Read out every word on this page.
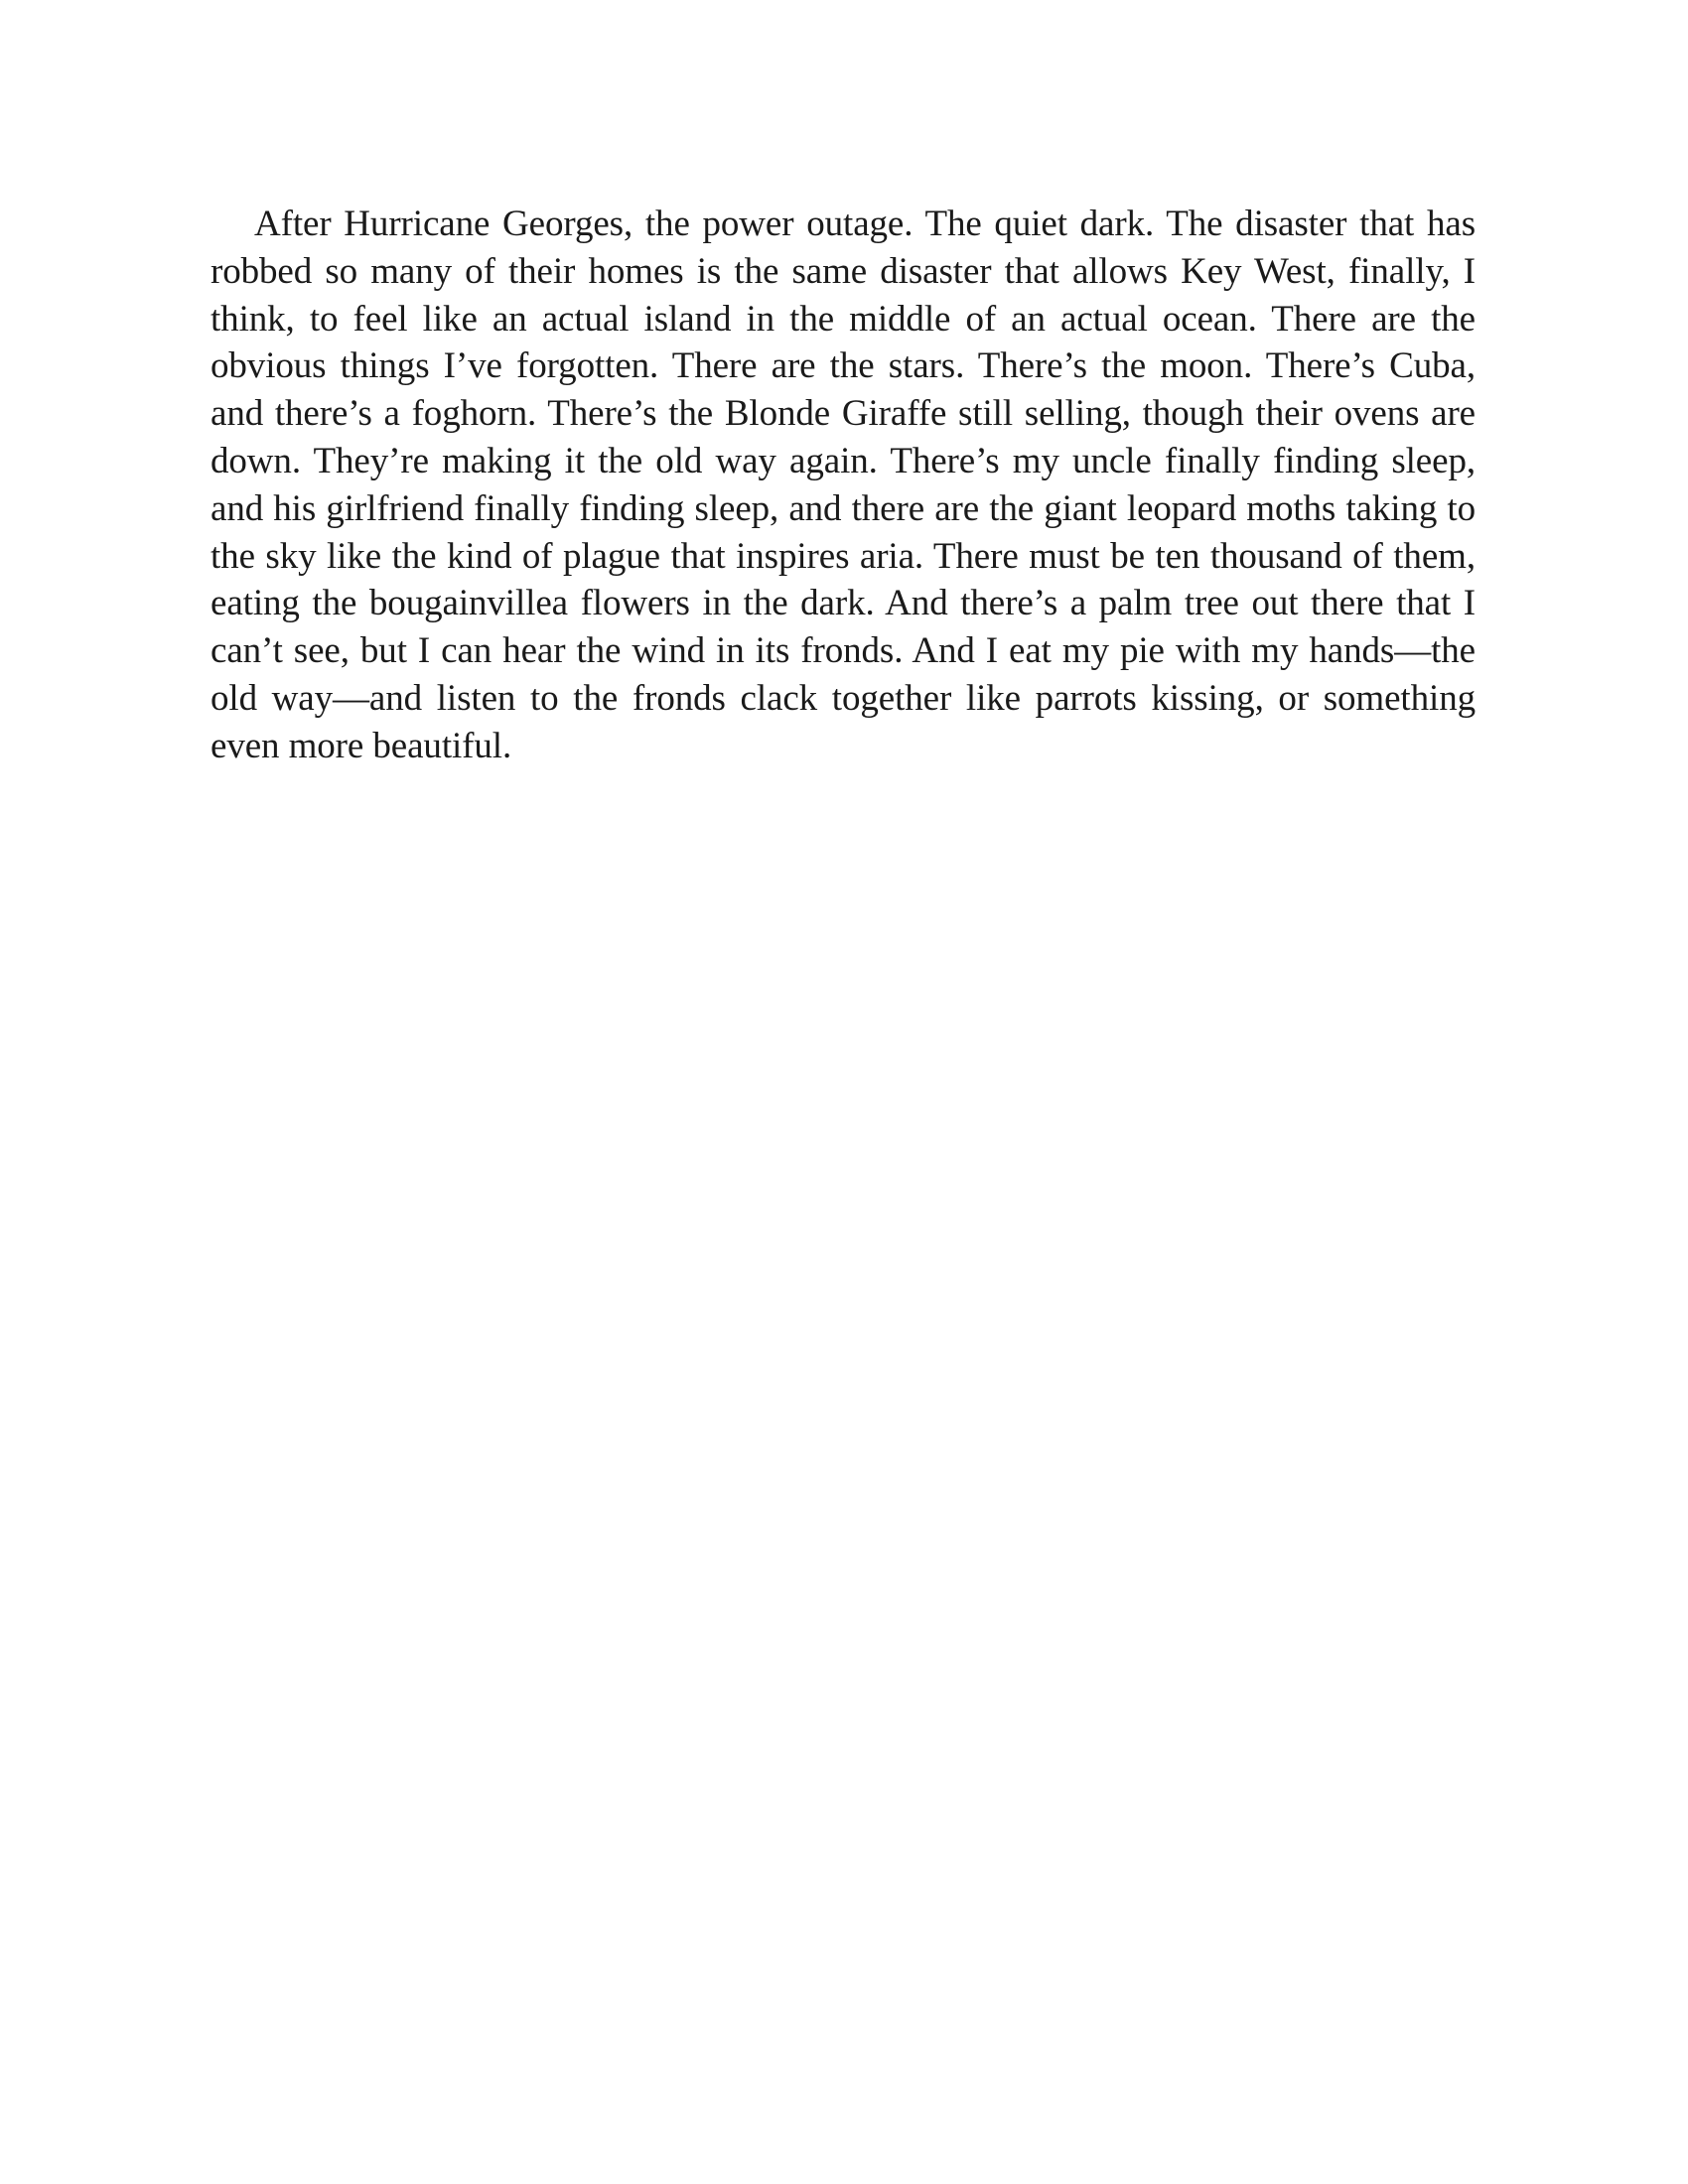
After Hurricane Georges, the power outage. The quiet dark. The disaster that has robbed so many of their homes is the same disaster that allows Key West, finally, I think, to feel like an actual island in the middle of an actual ocean. There are the obvious things I’ve forgotten. There are the stars. There’s the moon. There’s Cuba, and there’s a foghorn. There’s the Blonde Giraffe still selling, though their ovens are down. They’re making it the old way again. There’s my uncle finally finding sleep, and his girlfriend finally finding sleep, and there are the giant leopard moths taking to the sky like the kind of plague that inspires aria. There must be ten thousand of them, eating the bougainvillea flowers in the dark. And there’s a palm tree out there that I can’t see, but I can hear the wind in its fronds. And I eat my pie with my hands—the old way—and listen to the fronds clack together like parrots kissing, or something even more beautiful.
